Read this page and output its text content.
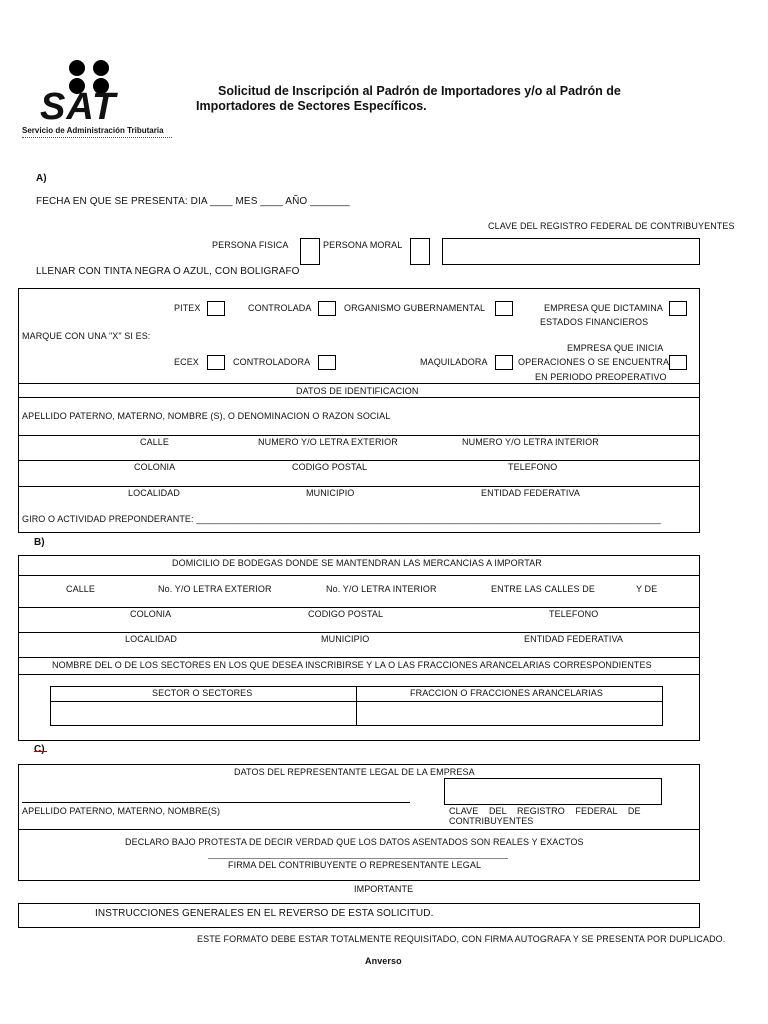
SAT
Servicio de Administración Tributaria
Solicitud de Inscripción al Padrón de Importadores y/o al Padrón de
Importadores de Sectores Específicos.
A)
FECHA EN QUE SE PRESENTA: DIA ____ MES ____ AÑO _______
CLAVE DEL REGISTRO FEDERAL DE CONTRIBUYENTES
PERSONA FISICA	PERSONA MORAL
LLENAR CON TINTA NEGRA O AZUL, CON BOLIGRAFO
MARQUE CON UNA "X" SI ES:
PITEX	CONTROLADA	ORGANISMO GUBERNAMENTAL	EMPRESA QUE DICTAMINA
ESTADOS FINANCIEROS
ECEX	CONTROLADORA	MAQUILADORA
EMPRESA QUE INICIA
OPERACIONES O SE ENCUENTRA
EN PERIODO PREOPERATIVO
DATOS DE IDENTIFICACION
APELLIDO PATERNO, MATERNO, NOMBRE (S), O DENOMINACION O RAZON SOCIAL
CALLE	NUMERO Y/O LETRA EXTERIOR	NUMERO Y/O LETRA INTERIOR
COLONIA	CODIGO POSTAL	TELEFONO
LOCALIDAD	MUNICIPIO	ENTIDAD FEDERATIVA
GIRO O ACTIVIDAD PREPONDERANTE: ___________________________________________________________________________________________
B)
DOMICILIO DE BODEGAS DONDE SE MANTENDRAN LAS MERCANCIAS A IMPORTAR
CALLE	No. Y/O LETRA EXTERIOR	No. Y/O LETRA INTERIOR	ENTRE LAS CALLES DE	Y DE
COLONIA	CODIGO POSTAL	TELEFONO
LOCALIDAD	MUNICIPIO	ENTIDAD FEDERATIVA
NOMBRE DEL O DE LOS SECTORES EN LOS QUE DESEA INSCRIBIRSE Y LA O LAS FRACCIONES ARANCELARIAS CORRESPONDIENTES
SECTOR O SECTORES	FRACCION O FRACCIONES ARANCELARIAS
C)
DATOS DEL REPRESENTANTE LEGAL DE LA EMPRESA
APELLIDO PATERNO, MATERNO, NOMBRE(S)	CLAVE DEL REGISTRO FEDERAL DE
CONTRIBUYENTES
DECLARO BAJO PROTESTA DE DECIR VERDAD QUE LOS DATOS ASENTADOS SON REALES Y EXACTOS
FIRMA DEL CONTRIBUYENTE O REPRESENTANTE LEGAL
IMPORTANTE
INSTRUCCIONES GENERALES EN EL REVERSO DE ESTA SOLICITUD.
ESTE FORMATO DEBE ESTAR TOTALMENTE REQUISITADO, CON FIRMA AUTOGRAFA Y SE PRESENTA POR DUPLICADO.
Anverso
